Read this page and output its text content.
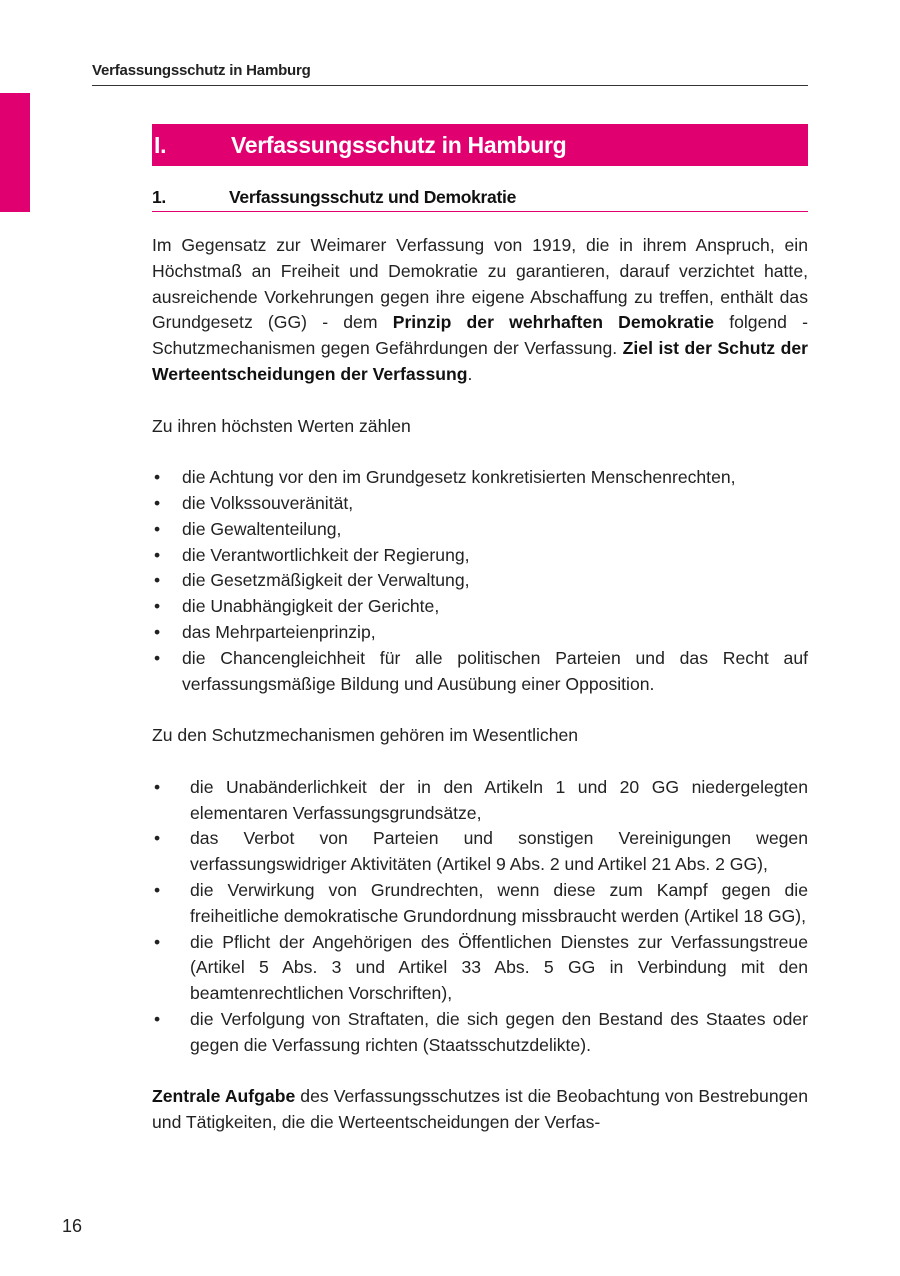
Verfassungsschutz in Hamburg
I.	Verfassungsschutz in Hamburg
1.	Verfassungsschutz und Demokratie

Im Gegensatz zur Weimarer Verfassung von 1919, die in ihrem Anspruch, ein Höchstmaß an Freiheit und Demokratie zu garantieren, darauf verzichtet hatte, ausreichende Vorkehrungen gegen ihre eigene Abschaffung zu treffen, enthält das Grundgesetz (GG) - dem Prinzip der wehrhaften Demokratie folgend - Schutzmechanismen gegen Gefährdungen der Verfassung. Ziel ist der Schutz der Werteentscheidungen der Verfassung.

Zu ihren höchsten Werten zählen

• die Achtung vor den im Grundgesetz konkretisierten Menschenrechten,
• die Volkssouveränität,
• die Gewaltenteilung,
• die Verantwortlichkeit der Regierung,
• die Gesetzmäßigkeit der Verwaltung,
• die Unabhängigkeit der Gerichte,
• das Mehrparteienprinzip,
• die Chancengleichheit für alle politischen Parteien und das Recht auf verfassungsmäßige Bildung und Ausübung einer Opposition.

Zu den Schutzmechanismen gehören im Wesentlichen

• die Unabänderlichkeit der in den Artikeln 1 und 20 GG niedergelegten elementaren Verfassungsgrundsätze,
• das Verbot von Parteien und sonstigen Vereinigungen wegen verfassungswidriger Aktivitäten (Artikel 9 Abs. 2 und Artikel 21 Abs. 2 GG),
• die Verwirkung von Grundrechten, wenn diese zum Kampf gegen die freiheitliche demokratische Grundordnung missbraucht werden (Artikel 18 GG),
• die Pflicht der Angehörigen des Öffentlichen Dienstes zur Verfassungstreue (Artikel 5 Abs. 3 und Artikel 33 Abs. 5 GG in Verbindung mit den beamtenrechtlichen Vorschriften),
• die Verfolgung von Straftaten, die sich gegen den Bestand des Staates oder gegen die Verfassung richten (Staatsschutzdelikte).

Zentrale Aufgabe des Verfassungsschutzes ist die Beobachtung von Bestrebungen und Tätigkeiten, die die Werteentscheidungen der Verfas-

16
